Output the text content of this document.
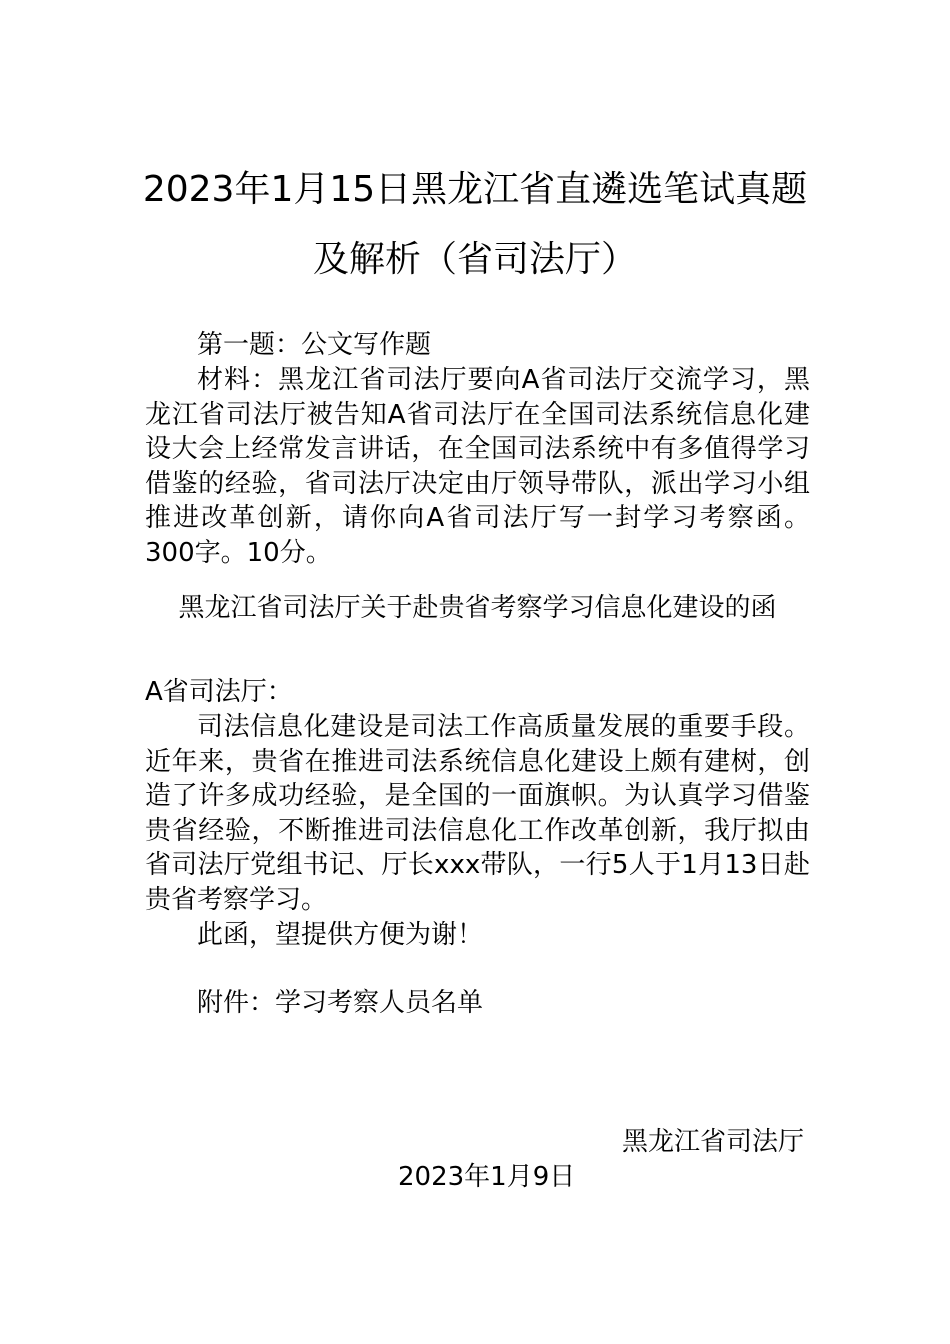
2023年1月15日黑龙江省直遴选笔试真题
及解析（省司法厅）
第一题：公文写作题
材料：黑龙江省司法厅要向A省司法厅交流学习，黑龙江省司法厅被告知A省司法厅在全国司法系统信息化建设大会上经常发言讲话，在全国司法系统中有多值得学习借鉴的经验，省司法厅决定由厅领导带队，派出学习小组推进改革创新，请你向A省司法厅写一封学习考察函。300字。10分。
黑龙江省司法厅关于赴贵省考察学习信息化建设的函
A省司法厅：
司法信息化建设是司法工作高质量发展的重要手段。近年来，贵省在推进司法系统信息化建设上颇有建树，创造了许多成功经验，是全国的一面旗帜。为认真学习借鉴贵省经验，不断推进司法信息化工作改革创新，我厅拟由省司法厅党组书记、厅长xxx带队，一行5人于1月13日赴贵省考察学习。
此函，望提供方便为谢！
附件：学习考察人员名单
黑龙江省司法厅
2023年1月9日
